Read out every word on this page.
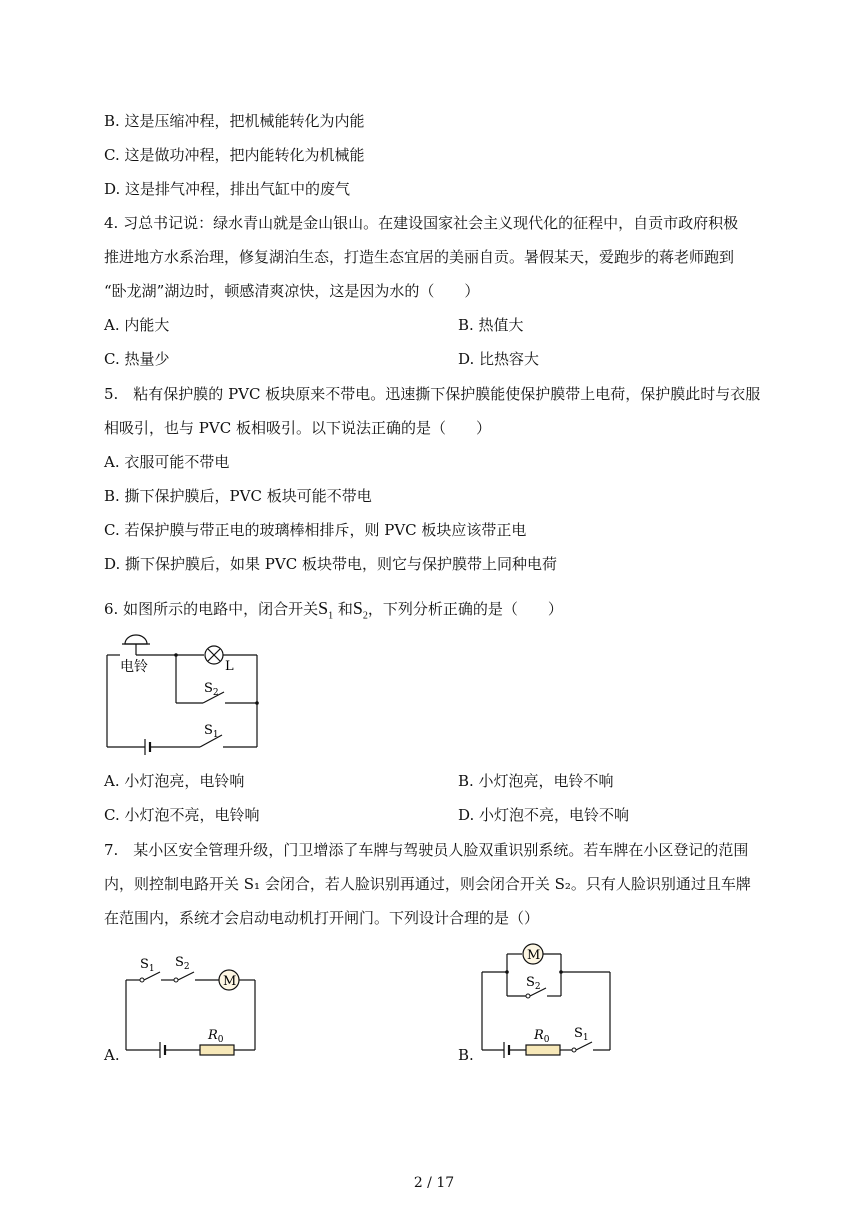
B. 这是压缩冲程，把机械能转化为内能
C. 这是做功冲程，把内能转化为机械能
D. 这是排气冲程，排出气缸中的废气
4. 习总书记说：绿水青山就是金山银山。在建设国家社会主义现代化的征程中，自贡市政府积极
推进地方水系治理，修复湖泊生态，打造生态宜居的美丽自贡。暑假某天，爱跑步的蒋老师跑到
“卧龙湖”湖边时，顿感清爽凉快，这是因为水的（　　）
A. 内能大	B. 热值大
C. 热量少	D. 比热容大
5.　粘有保护膜的 PVC 板块原来不带电。迅速撕下保护膜能使保护膜带上电荷，保护膜此时与衣服
相吸引，也与 PVC 板相吸引。以下说法正确的是（　　）
A. 衣服可能不带电
B. 撕下保护膜后，PVC 板块可能不带电
C. 若保护膜与带正电的玻璃棒相排斥，则 PVC 板块应该带正电
D. 撕下保护膜后，如果 PVC 板块带电，则它与保护膜带上同种电荷
6. 如图所示的电路中，闭合开关$S_1$ 和$S_2$，下列分析正确的是（　　）
电铃	L
$S_2$
$S_1$
A. 小灯泡亮，电铃响	B. 小灯泡亮，电铃不响
C. 小灯泡不亮，电铃响	D. 小灯泡不亮，电铃不响
7.　某小区安全管理升级，门卫增添了车牌与驾驶员人脸双重识别系统。若车牌在小区登记的范围
内，则控制电路开关 S₁ 会闭合，若人脸识别再通过，则会闭合开关 S₂。只有人脸识别通过且车牌
在范围内，系统才会启动电动机打开闸门。下列设计合理的是（）
A.
M
$S_1$ $S_2$
$R_0$
B.
M
$S_2$
$R_0$ $S_1$
2 / 17
